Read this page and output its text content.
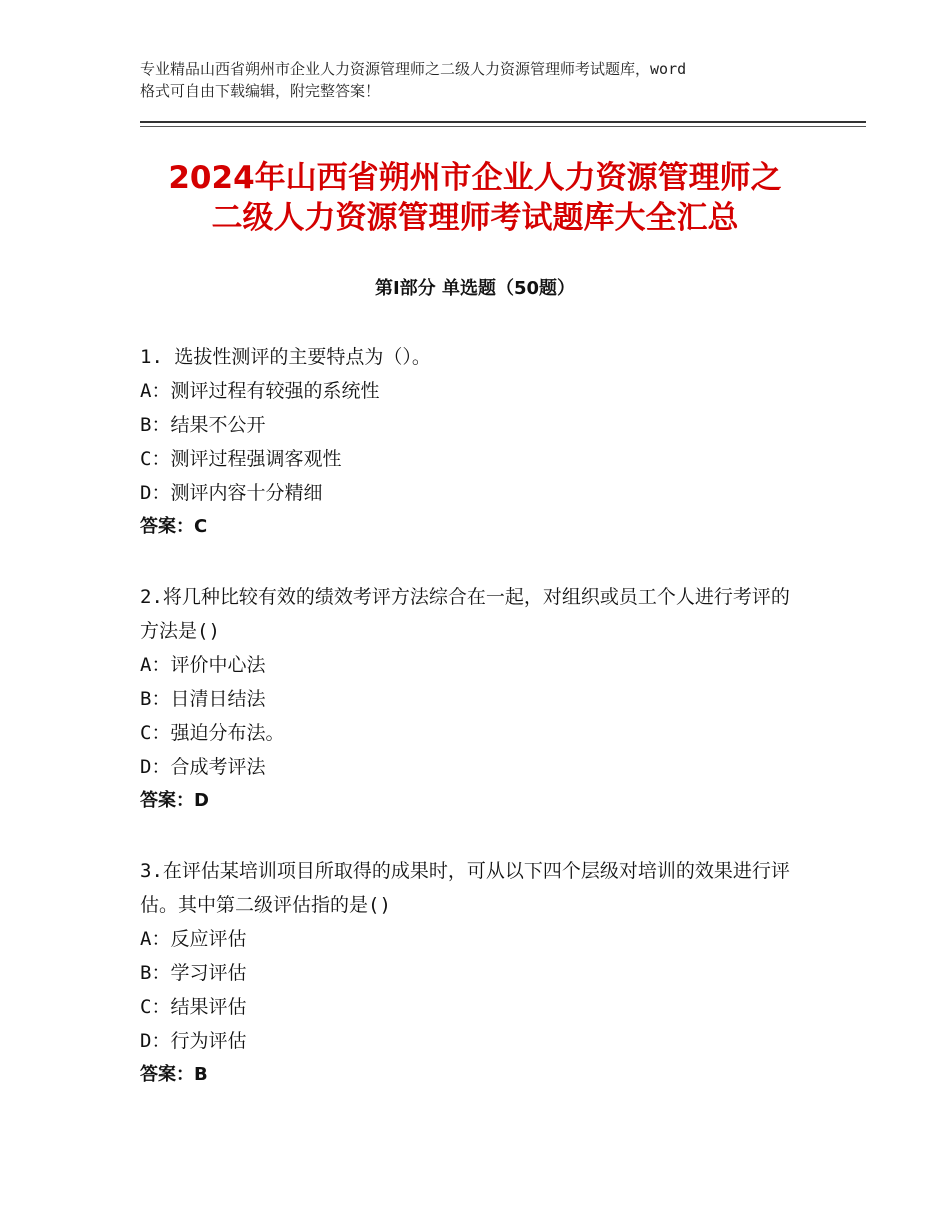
专业精品山西省朔州市企业人力资源管理师之二级人力资源管理师考试题库，word
格式可自由下载编辑，附完整答案！
2024年山西省朔州市企业人力资源管理师之
二级人力资源管理师考试题库大全汇总
第Ⅰ部分 单选题（50题）
1. 选拔性测评的主要特点为（）。
A：测评过程有较强的系统性
B：结果不公开
C：测评过程强调客观性
D：测评内容十分精细
答案：C
2.将几种比较有效的绩效考评方法综合在一起，对组织或员工个人进行考评的方法是()
A：评价中心法
B：日清日结法
C：强迫分布法。
D：合成考评法
答案：D
3.在评估某培训项目所取得的成果时，可从以下四个层级对培训的效果进行评估。其中第二级评估指的是()
A：反应评估
B：学习评估
C：结果评估
D：行为评估
答案：B
